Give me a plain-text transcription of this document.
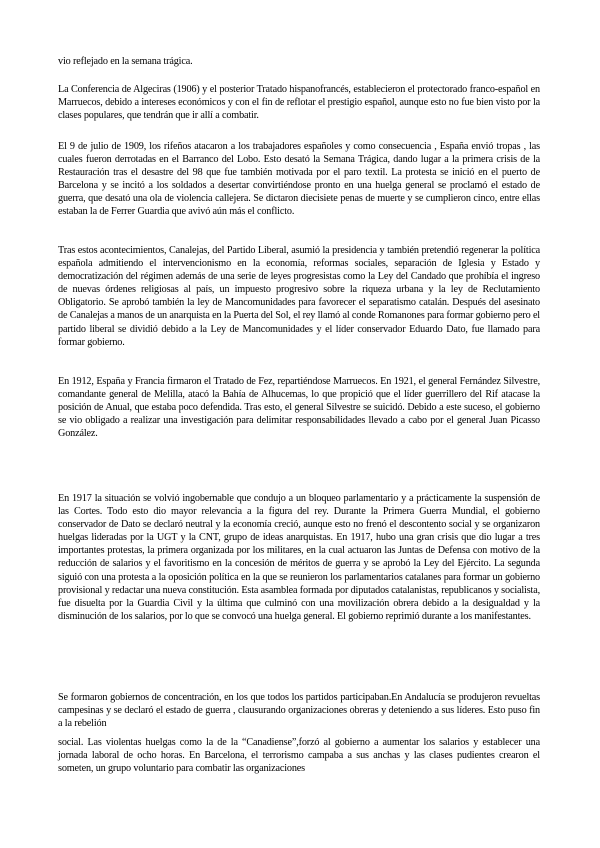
vio reflejado en la semana trágica.

La Conferencia de Algeciras (1906) y el posterior Tratado hispanofrancés, establecieron el protectorado franco-español en Marruecos, debido a intereses económicos y con el fin de reflotar el prestigio español, aunque esto no fue bien visto por la clases populares, que tendrán que ir allí a combatir.

El 9 de julio de 1909, los rifeños atacaron a los trabajadores españoles y como consecuencia , España envió tropas , las cuales fueron derrotadas en el Barranco del Lobo. Esto desató la Semana Trágica, dando lugar a la primera crisis de la Restauración tras el desastre del 98 que fue también motivada por el paro textil. La protesta se inició en el puerto de Barcelona y se incitó a los soldados a desertar convirtiéndose pronto en una huelga general se proclamó el estado de guerra, que desató una ola de violencia callejera. Se dictaron diecisiete penas de muerte y se cumplieron cinco, entre ellas estaban la de Ferrer Guardia que avivó aún más el conflicto.

Tras estos acontecimientos, Canalejas, del Partido Liberal, asumió la presidencia y también pretendió regenerar la política española admitiendo el intervencionismo en la economía, reformas sociales, separación de Iglesia y Estado y democratización del régimen además de una serie de leyes progresistas como la Ley del Candado que prohíbía el ingreso de nuevas órdenes religiosas al país, un impuesto progresivo sobre la riqueza urbana y la ley de Reclutamiento Obligatorio. Se aprobó también la ley de Mancomunidades para favorecer el separatismo catalán. Después del asesinato de Canalejas a manos de un anarquista en la Puerta del Sol, el rey llamó al conde Romanones para formar gobierno pero el partido liberal se dividió debido a la Ley de Mancomunidades y el líder conservador Eduardo Dato, fue llamado para formar gobierno.

En 1912, España y Francia firmaron el Tratado de Fez, repartiéndose Marruecos. En 1921, el general Fernández Silvestre, comandante general de Melilla, atacó la Bahía de Alhucemas, lo que propició que el líder guerrillero del Rif atacase la posición de Anual, que estaba poco defendida. Tras esto, el general Silvestre se suicidó. Debido a este suceso, el gobierno se vio obligado a realizar una investigación para delimitar responsabilidades llevado a cabo por el general Juan Picasso González.

En 1917 la situación se volvió ingobernable que condujo a un bloqueo parlamentario y a prácticamente la suspensión de las Cortes. Todo esto dio mayor relevancia a la figura del rey. Durante la Primera Guerra Mundial, el gobierno conservador de Dato se declaró neutral y la economía creció, aunque esto no frenó el descontento social y se organizaron huelgas lideradas por la UGT y la CNT, grupo de ideas anarquistas. En 1917, hubo una gran crisis que dio lugar a tres importantes protestas, la primera organizada por los militares, en la cual actuaron las Juntas de Defensa con motivo de la reducción de salarios y el favoritismo en la concesión de méritos de guerra y se aprobó la Ley del Ejército. La segunda siguió con una protesta a la oposición política en la que se reunieron los parlamentarios catalanes para formar un gobierno provisional y redactar una nueva constitución. Esta asamblea formada por diputados catalanistas, republicanos y socialista, fue disuelta por la Guardia Civil y la última que culminó con una movilización obrera debido a la desigualdad y la disminución de los salarios, por lo que se convocó una huelga general. El gobierno reprimió durante a los manifestantes.

Se formaron gobiernos de concentración, en los que todos los partidos participaban.En Andalucía se produjeron revueltas campesinas y se declaró el estado de guerra , clausurando organizaciones obreras y deteniendo a sus líderes. Esto puso fin a la rebelión

social. Las violentas huelgas como la de la “Canadiense”,forzó al gobierno a aumentar los salarios y establecer una jornada laboral de ocho horas. En Barcelona, el terrorismo campaba a sus anchas y las clases pudientes crearon el someten, un grupo voluntario para combatir las organizaciones
